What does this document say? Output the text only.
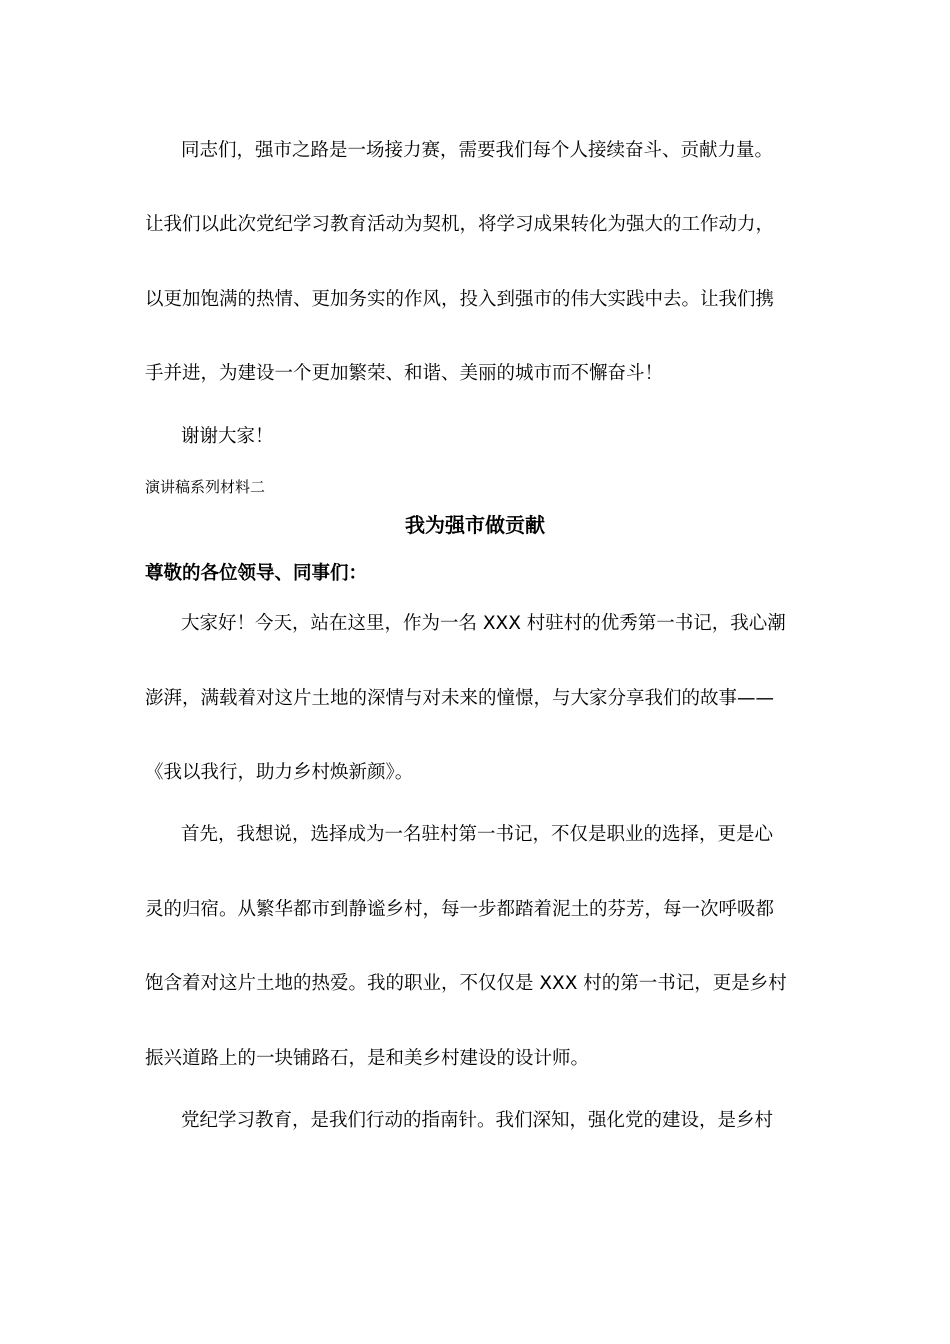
同志们，强市之路是一场接力赛，需要我们每个人接续奋斗、贡献力量。
让我们以此次党纪学习教育活动为契机，将学习成果转化为强大的工作动力，
以更加饱满的热情、更加务实的作风，投入到强市的伟大实践中去。让我们携
手并进，为建设一个更加繁荣、和谐、美丽的城市而不懈奋斗！
谢谢大家！
演讲稿系列材料二
我为强市做贡献
尊敬的各位领导、同事们：
大家好！今天，站在这里，作为一名 XXX 村驻村的优秀第一书记，我心潮
澎湃，满载着对这片土地的深情与对未来的憧憬，与大家分享我们的故事——
《我以我行，助力乡村焕新颜》。
首先，我想说，选择成为一名驻村第一书记，不仅是职业的选择，更是心
灵的归宿。从繁华都市到静谧乡村，每一步都踏着泥土的芬芳，每一次呼吸都
饱含着对这片土地的热爱。我的职业，不仅仅是 XXX 村的第一书记，更是乡村
振兴道路上的一块铺路石，是和美乡村建设的设计师。
党纪学习教育，是我们行动的指南针。我们深知，强化党的建设，是乡村
